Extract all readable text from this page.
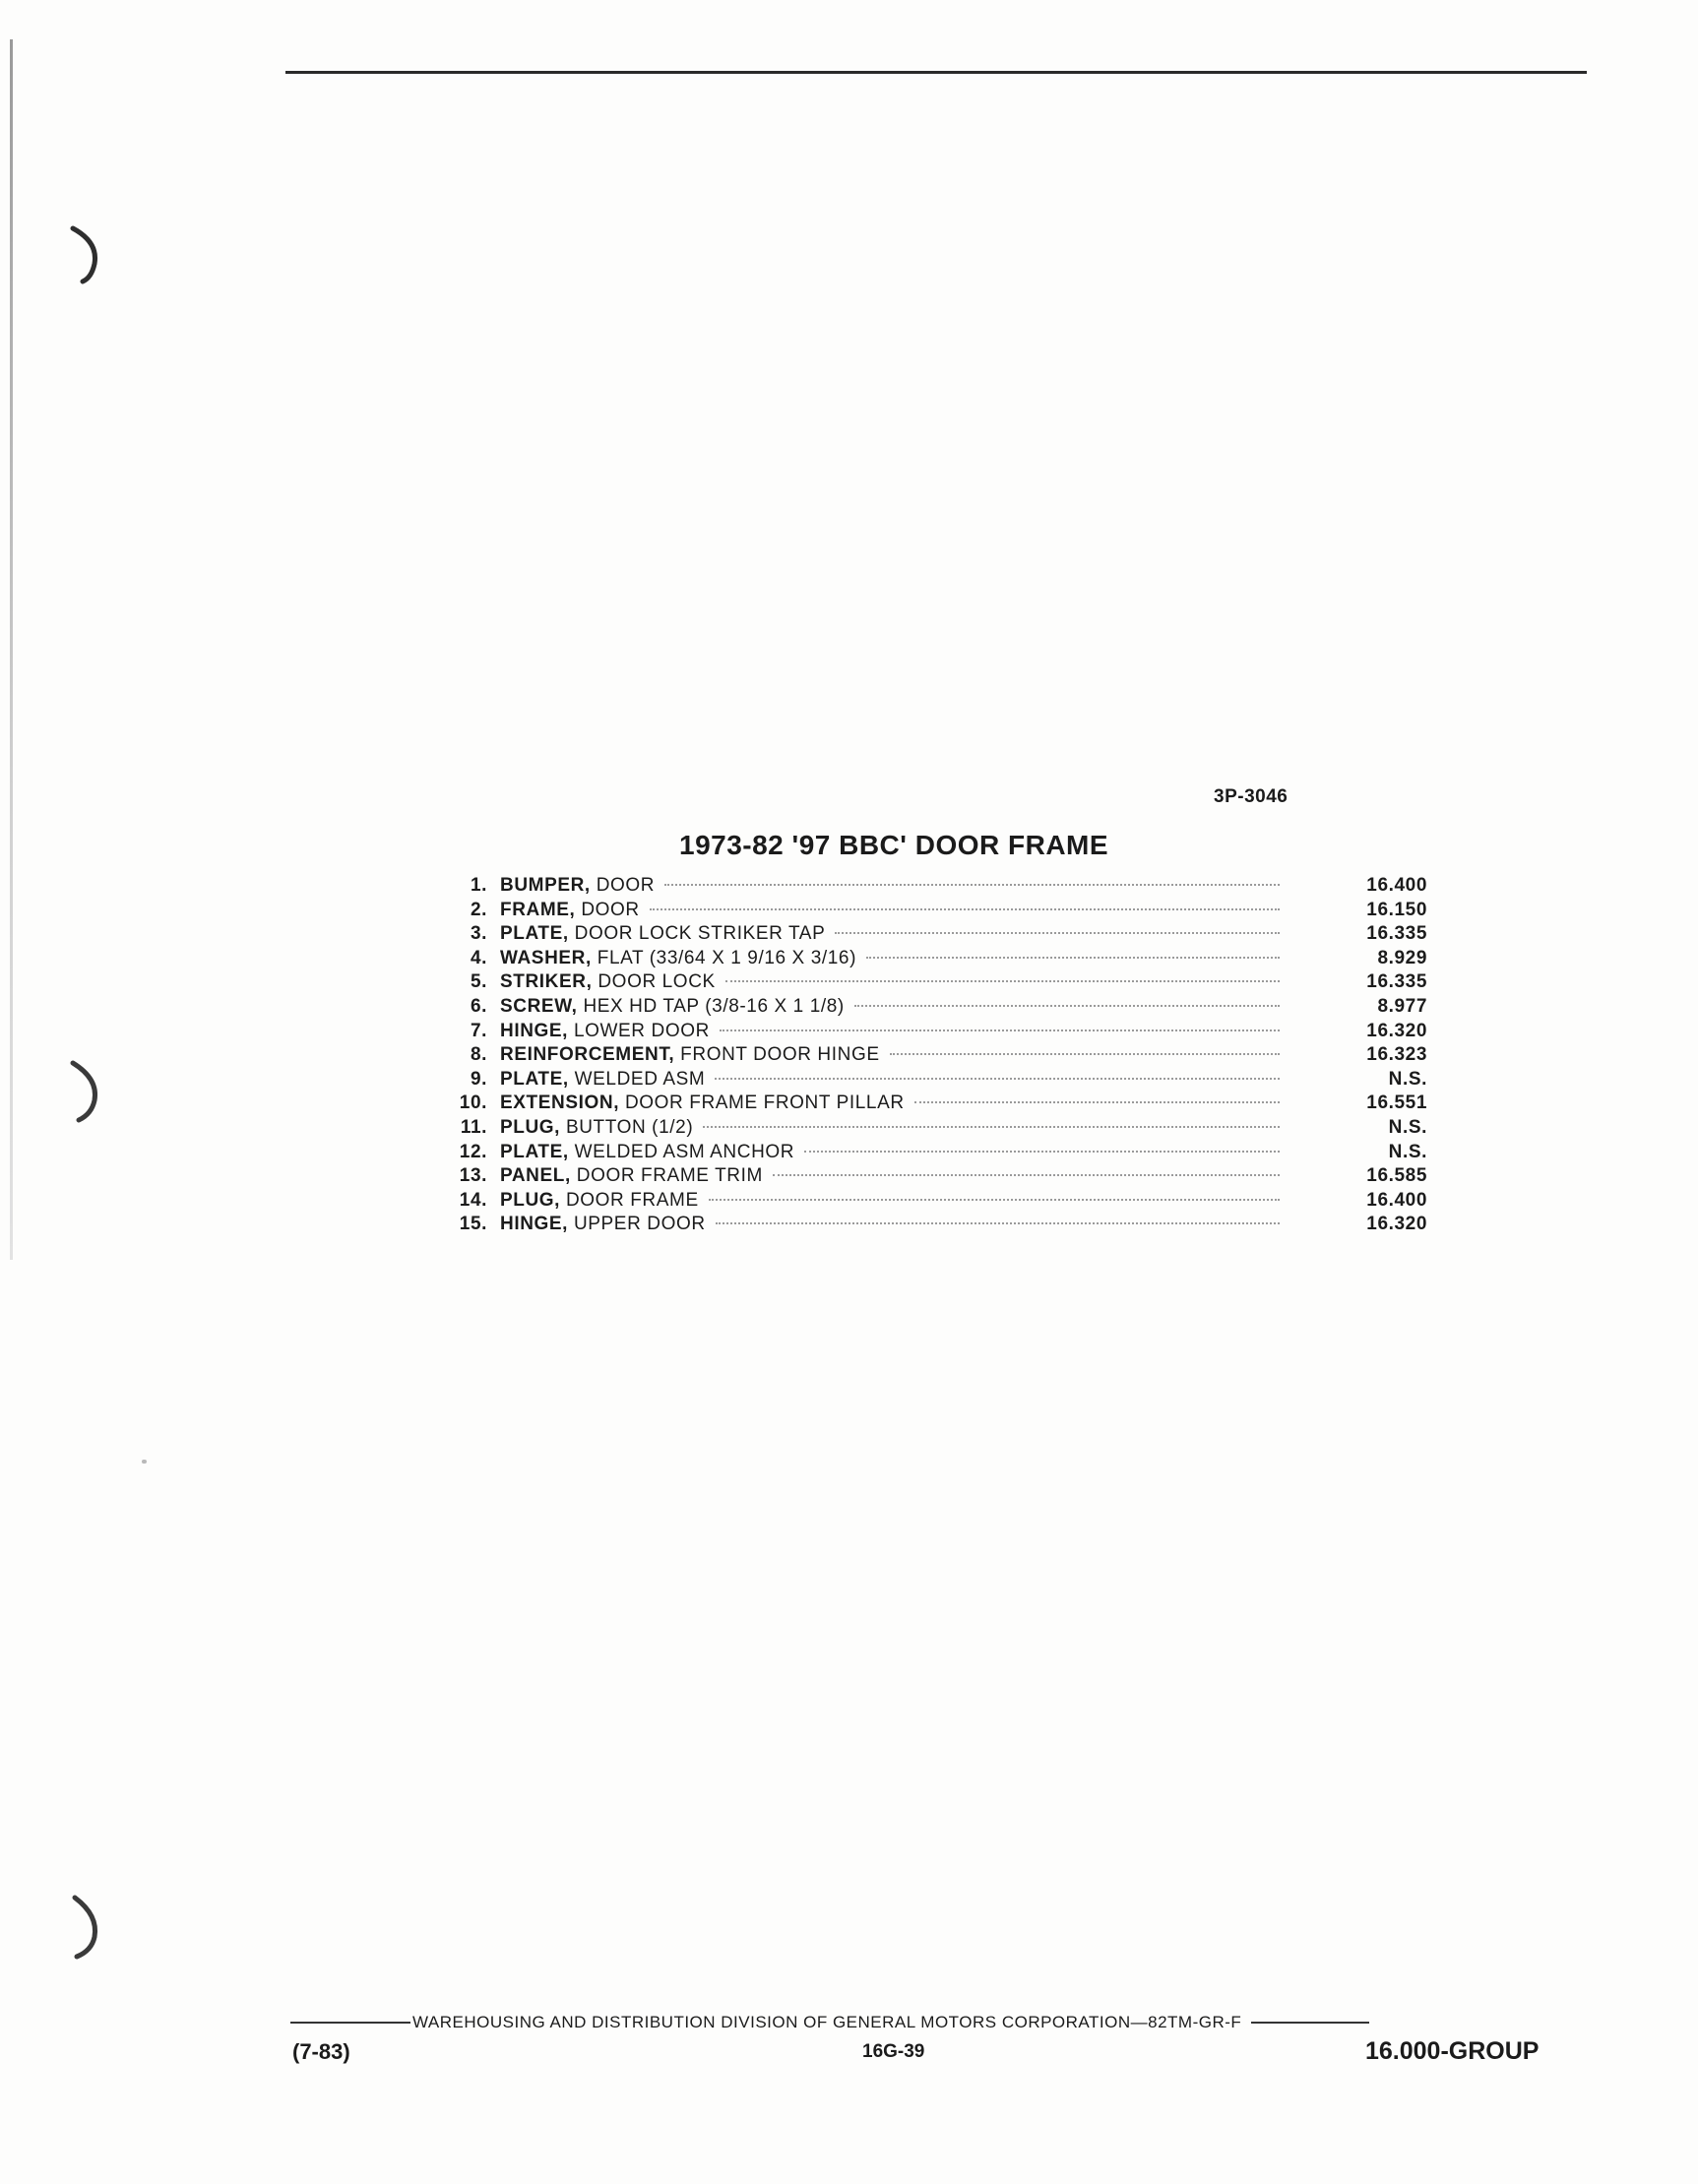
3P-3046
1973-82 '97 BBC' DOOR FRAME
1. BUMPER, DOOR	16.400
2. FRAME, DOOR	16.150
3. PLATE, DOOR LOCK STRIKER TAP	16.335
4. WASHER, FLAT (33/64 X 1 9/16 X 3/16)	8.929
5. STRIKER, DOOR LOCK	16.335
6. SCREW, HEX HD TAP (3/8-16 X 1 1/8)	8.977
7. HINGE, LOWER DOOR	16.320
8. REINFORCEMENT, FRONT DOOR HINGE	16.323
9. PLATE, WELDED ASM	N.S.
10. EXTENSION, DOOR FRAME FRONT PILLAR	16.551
11. PLUG, BUTTON (1/2)	N.S.
12. PLATE, WELDED ASM ANCHOR	N.S.
13. PANEL, DOOR FRAME TRIM	16.585
14. PLUG, DOOR FRAME	16.400
15. HINGE, UPPER DOOR	16.320
WAREHOUSING AND DISTRIBUTION DIVISION OF GENERAL MOTORS CORPORATION—82TM-GR-F
(7-83)	16G-39	16.000-GROUP
